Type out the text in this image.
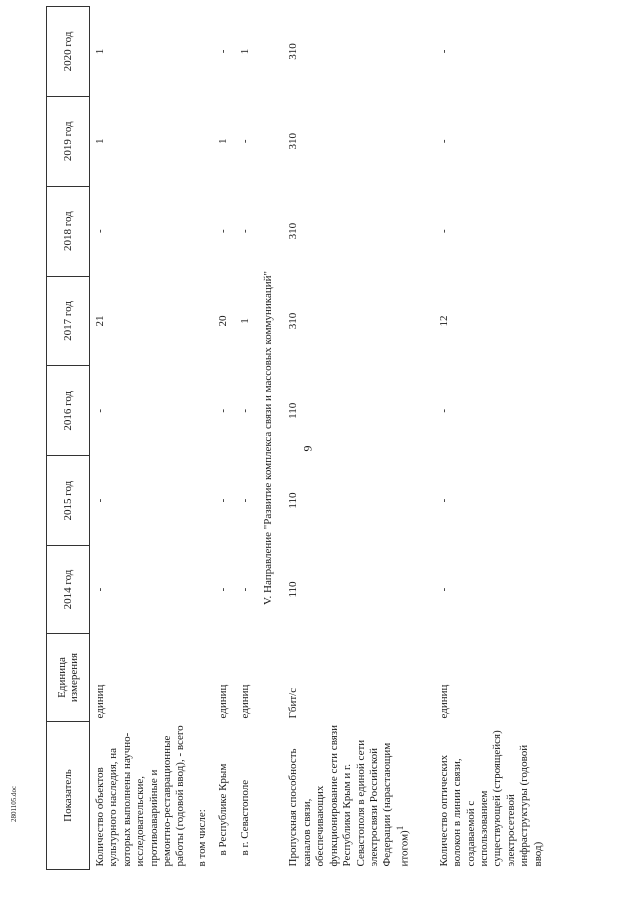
9
2801105.doc	Показатель	Единица измерения	2014 год	2015 год	2016 год	2017 год	2018 год	2019 год	2020 год
Количество объектов культурного наследия, на которых выполнены научно-исследовательские, противоаварийные и ремонтно-реставрационные работы (годовой ввод), - всего	единиц	-	-	-	21	-	1	1
в том числе:								
в Республике Крым	единиц	-	-	-	20	-	1	-
в г. Севастополе	единиц	-	-	-	1	-	-	1
V. Направление "Развитие комплекса связи и массовых коммуникаций"								
Пропускная способность каналов связи, обеспечивающих функционирование сети связи Республики Крым и г. Севастополя в единой сети электросвязи Российской Федерации (нарастающим итогом)$^1$	Гбит/с	110	110	110	310	310	310	310

Количество оптических волокон в линии связи, создаваемой с использованием существующей (строящейся) электросетевой инфраструктуры (годовой ввод)	единиц	-	-	-	12	-	-	-
